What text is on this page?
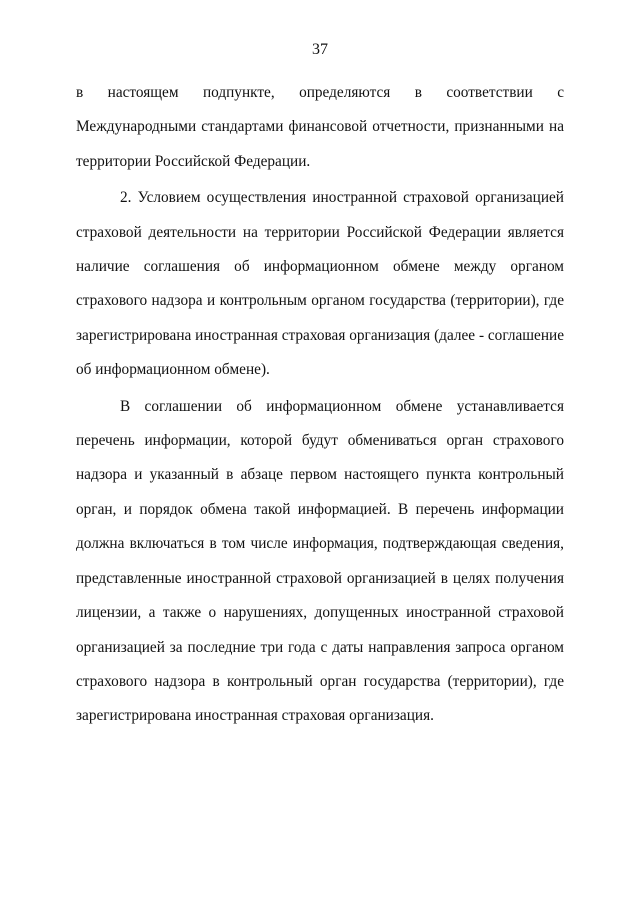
37

в настоящем подпункте, определяются в соответствии с Международными стандартами финансовой отчетности, признанными на территории Российской Федерации.

2. Условием осуществления иностранной страховой организацией страховой деятельности на территории Российской Федерации является наличие соглашения об информационном обмене между органом страхового надзора и контрольным органом государства (территории), где зарегистрирована иностранная страховая организация (далее - соглашение об информационном обмене).

В соглашении об информационном обмене устанавливается перечень информации, которой будут обмениваться орган страхового надзора и указанный в абзаце первом настоящего пункта контрольный орган, и порядок обмена такой информацией. В перечень информации должна включаться в том числе информация, подтверждающая сведения, представленные иностранной страховой организацией в целях получения лицензии, а также о нарушениях, допущенных иностранной страховой организацией за последние три года с даты направления запроса органом страхового надзора в контрольный орган государства (территории), где зарегистрирована иностранная страховая организация.
